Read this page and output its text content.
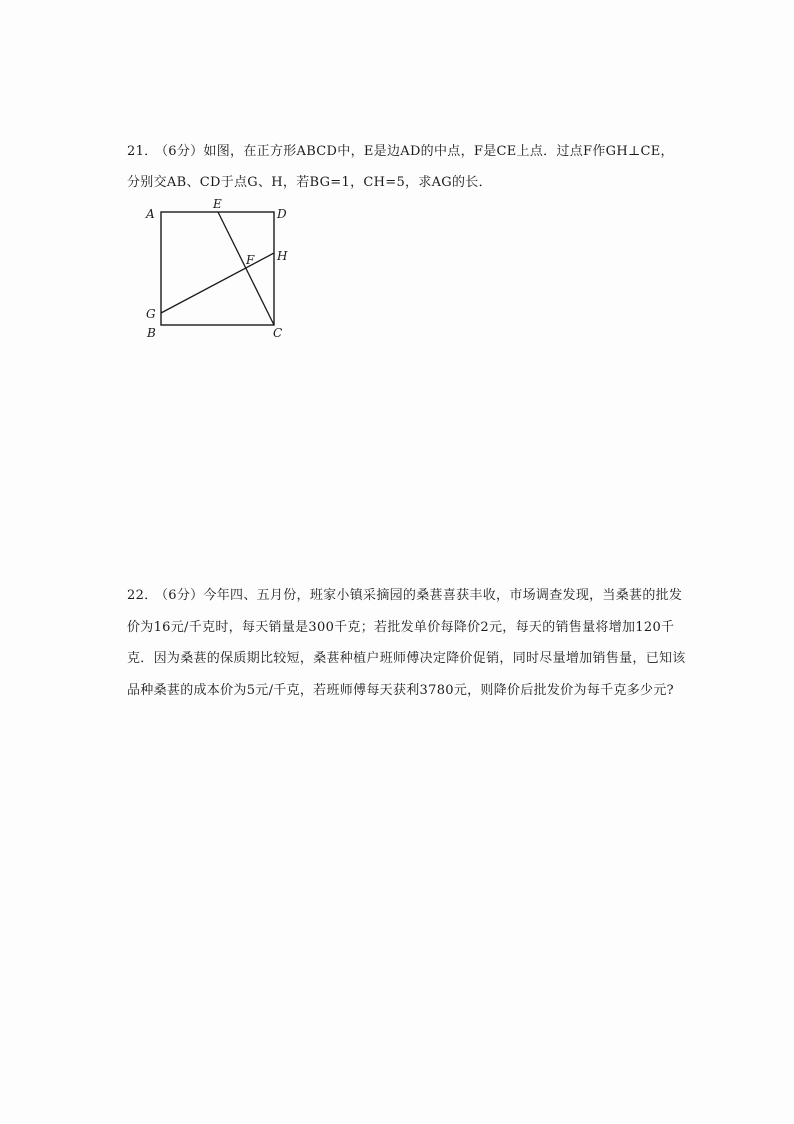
21． （6分）如图，在正方形ABCD中，E是边AD的中点，F是CE上点．过点F作GH⊥CE，分别交AB、CD于点G、H，若BG=1，CH=5，求AG的长．
A
E
D
F H
G
B	C
22． （6分）今年四、五月份，班家小镇采摘园的桑葚喜获丰收，市场调查发现，当桑葚的批发价为16元/千克时，每天销量是300千克；若批发单价每降价2元，每天的销售量将增加120千克．因为桑葚的保质期比较短，桑葚种植户班师傅决定降价促销，同时尽量增加销售量，已知该品种桑葚的成本价为5元/千克，若班师傅每天获利3780元，则降价后批发价为每千克多少元?
